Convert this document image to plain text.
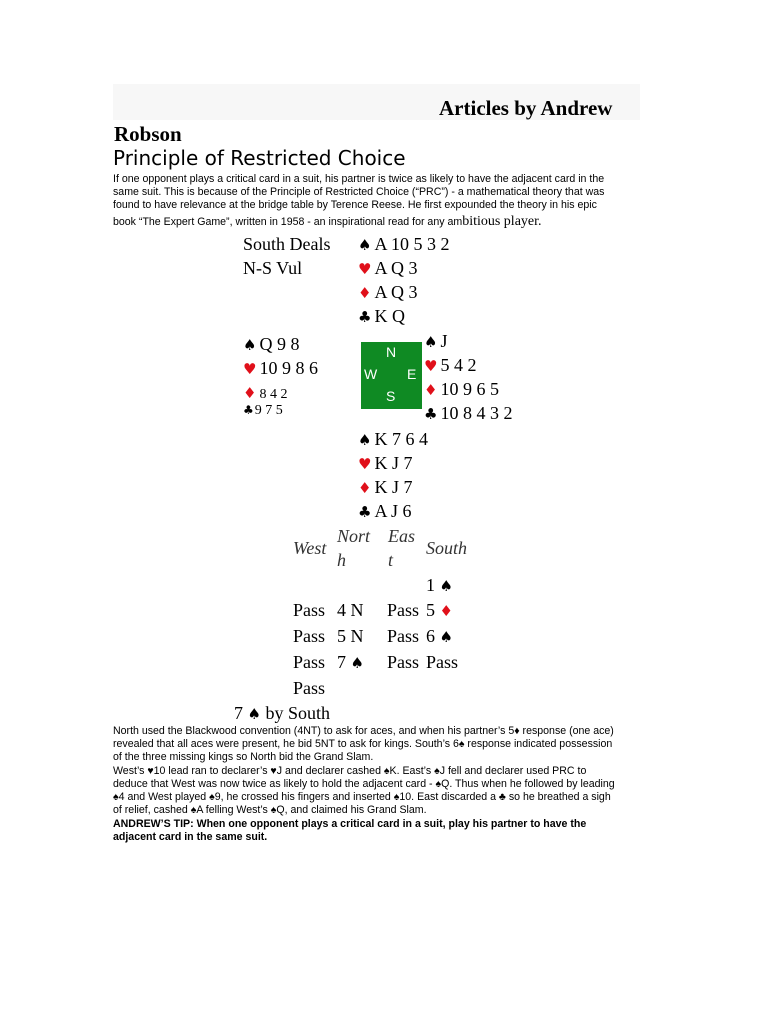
Articles by Andrew
Robson
Principle of Restricted Choice
If one opponent plays a critical card in a suit, his partner is twice as likely to have the adjacent card in the
same suit. This is because of the Principle of Restricted Choice (“PRC”) - a mathematical theory that was
found to have relevance at the bridge table by Terence Reese. He first expounded the theory in his epic
book “The Expert Game”, written in 1958 - an inspirational read for any ambitious player.
South Deals
N-S Vul
♠ A 10 5 3 2
♥ A Q 3
♦ A Q 3
♣ K Q
♠ Q 9 8
♥ 10 9 8 6
♦ 8 4 2
♣9 7 5
N
W E
S
♠ J
♥ 5 4 2
♦ 10 9 6 5
♣ 10 8 4 3 2
♠ K 7 6 4
♥ K J 7
♦ K J 7
♣ A J 6
West
Nort
h
Eas
t
South
1 ♠
Pass 4 N Pass 5 ♦
Pass 5 N Pass 6 ♠
Pass 7 ♠ Pass Pass
Pass
7 ♠ by South
North used the Blackwood convention (4NT) to ask for aces, and when his partner’s 5♦ response (one ace)
revealed that all aces were present, he bid 5NT to ask for kings. South’s 6♠ response indicated possession
of the three missing kings so North bid the Grand Slam.
West’s ♥10 lead ran to declarer’s ♥J and declarer cashed ♠K. East’s ♠J fell and declarer used PRC to
deduce that West was now twice as likely to hold the adjacent card - ♠Q. Thus when he followed by leading
♠4 and West played ♠9, he crossed his fingers and inserted ♠10. East discarded a ♣ so he breathed a sigh
of relief, cashed ♠A felling West’s ♠Q, and claimed his Grand Slam.
ANDREW’S TIP: When one opponent plays a critical card in a suit, play his partner to have the
adjacent card in the same suit.
